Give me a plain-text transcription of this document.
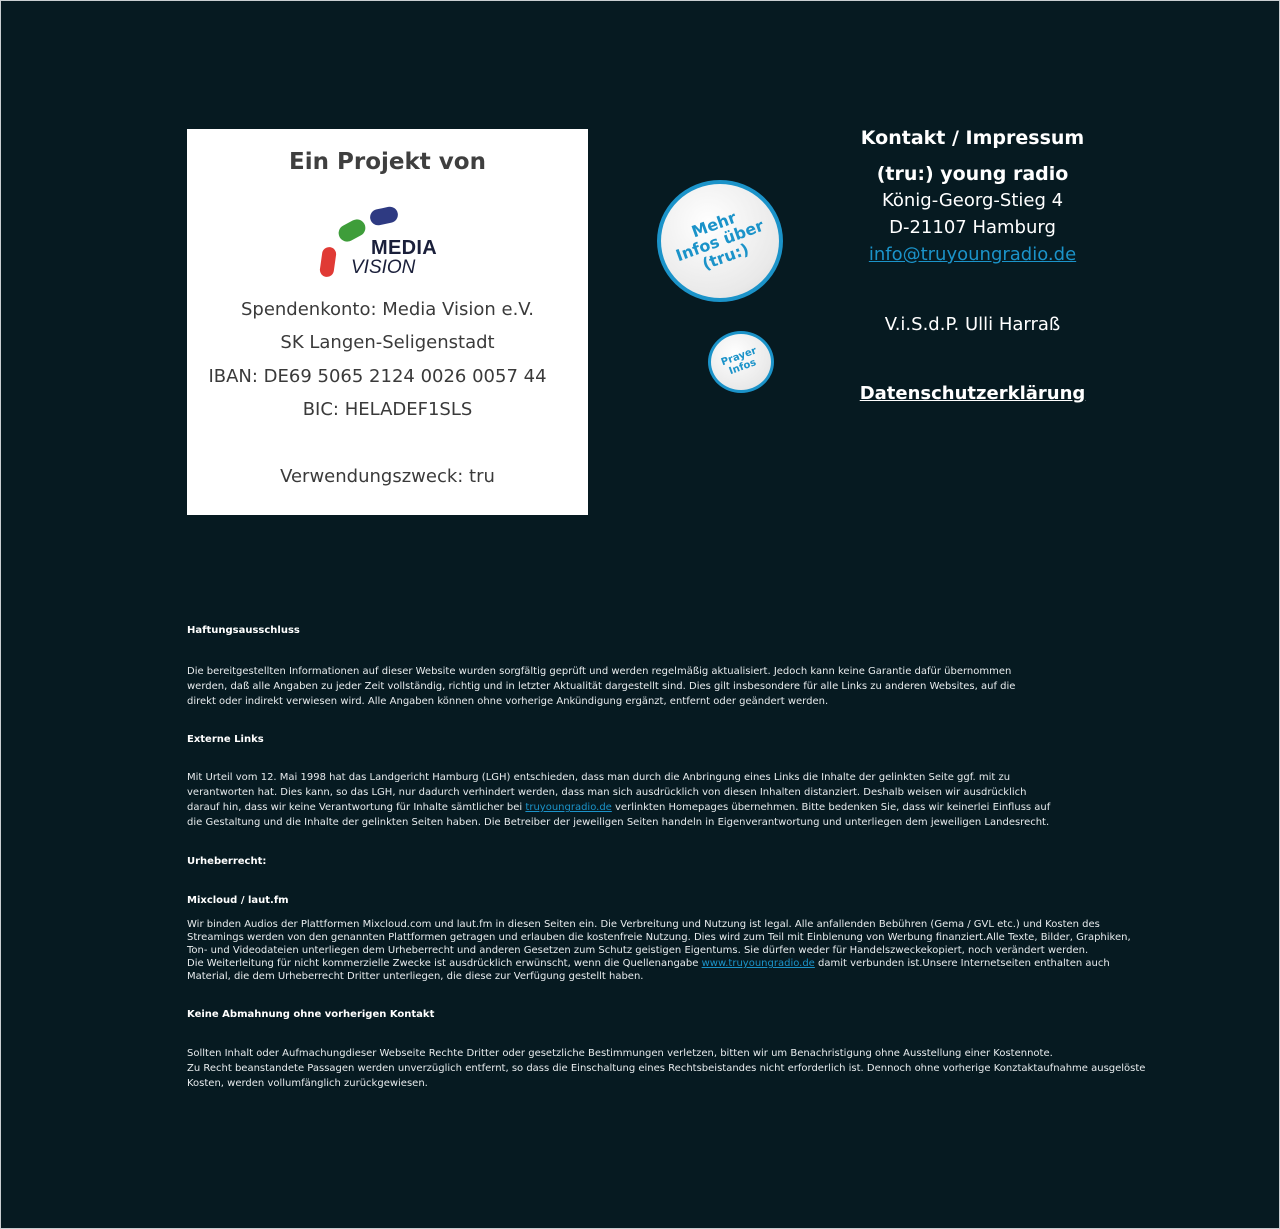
Ein Projekt von
MEDIA
VISION
Spendenkonto: Media Vision e.V.
SK Langen-Seligenstadt
IBAN: DE69 5065 2124 0026 0057 44
BIC: HELADEF1SLS
Verwendungszweck: tru
Mehr Infos über (tru:)
Prayer Infos
Kontakt / Impressum
(tru:) young radio
König-Georg-Stieg 4
D-21107 Hamburg
info@truyoungradio.de
V.i.S.d.P. Ulli Harraß
Datenschutzerklärung
Haftungsausschluss

Die bereitgestellten Informationen auf dieser Website wurden sorgfältig geprüft und werden regelmäßig aktualisiert. Jedoch kann keine Garantie dafür übernommen werden, daß alle Angaben zu jeder Zeit vollständig, richtig und in letzter Aktualität dargestellt sind. Dies gilt insbesondere für alle Links zu anderen Websites, auf die direkt oder indirekt verwiesen wird. Alle Angaben können ohne vorherige Ankündigung ergänzt, entfernt oder geändert werden.

Externe Links

Mit Urteil vom 12. Mai 1998 hat das Landgericht Hamburg (LGH) entschieden, dass man durch die Anbringung eines Links die Inhalte der gelinkten Seite ggf. mit zu verantworten hat. Dies kann, so das LGH, nur dadurch verhindert werden, dass man sich ausdrücklich von diesen Inhalten distanziert. Deshalb weisen wir ausdrücklich darauf hin, dass wir keine Verantwortung für Inhalte sämtlicher bei truyoungradio.de verlinkten Homepages übernehmen. Bitte bedenken Sie, dass wir keinerlei Einfluss auf die Gestaltung und die Inhalte der gelinkten Seiten haben. Die Betreiber der jeweiligen Seiten handeln in Eigenverantwortung und unterliegen dem jeweiligen Landesrecht.

Urheberrecht:
Mixcloud / laut.fm

Wir binden Audios der Plattformen Mixcloud.com und laut.fm in diesen Seiten ein. Die Verbreitung und Nutzung ist legal. Alle anfallenden Bebühren (Gema / GVL etc.) und Kosten des Streamings werden von den genannten Plattformen getragen und erlauben die kostenfreie Nutzung. Dies wird zum Teil mit Einblenung von Werbung finanziert.Alle Texte, Bilder, Graphiken, Ton- und Videodateien unterliegen dem Urheberrecht und anderen Gesetzen zum Schutz geistigen Eigentums. Sie dürfen weder für Handelszweckekopiert, noch verändert werden.
Die Weiterleitung für nicht kommerzielle Zwecke ist ausdrücklich erwünscht, wenn die Quellenangabe www.truyoungradio.de damit verbunden ist.Unsere Internetseiten enthalten auch Material, die dem Urheberrecht Dritter unterliegen, die diese zur Verfügung gestellt haben.

Keine Abmahnung ohne vorherigen Kontakt

Sollten Inhalt oder Aufmachungdieser Webseite Rechte Dritter oder gesetzliche Bestimmungen verletzen, bitten wir um Benachristigung ohne Ausstellung einer Kostennote.
Zu Recht beanstandete Passagen werden unverzüglich entfernt, so dass die Einschaltung eines Rechtsbeistandes nicht erforderlich ist. Dennoch ohne vorherige Konztaktaufnahme ausgelöste Kosten, werden vollumfänglich zurückgewiesen.
